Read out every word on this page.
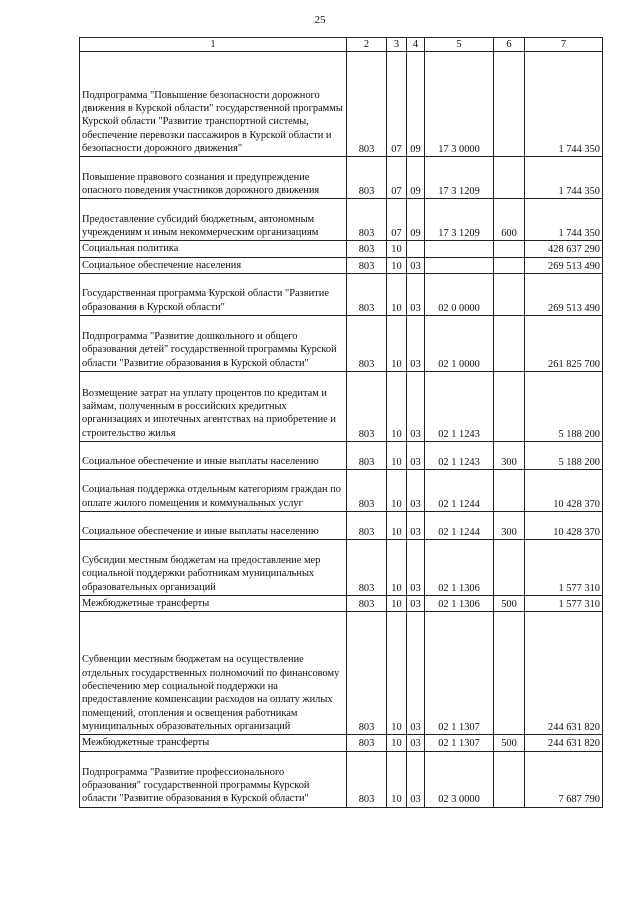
25
1	2	3	4	5	6	7
Подпрограмма "Повышение безопасности дорожного движения в Курской области" государственной программы Курской области "Развитие транспортной системы, обеспечение перевозки пассажиров в Курской области и безопасности дорожного движения"	803	07	09	17 3 0000		1 744 350
Повышение правового сознания и предупреждение опасного поведения участников дорожного движения	803	07	09	17 3 1209		1 744 350
Предоставление субсидий бюджетным, автономным учреждениям и иным некоммерческим организациям	803	07	09	17 3 1209	600	1 744 350
Социальная политика	803	10				428 637 290
Социальное обеспечение населения	803	10	03			269 513 490
Государственная программа Курской области "Развитие образования в Курской области"	803	10	03	02 0 0000		269 513 490
Подпрограмма "Развитие дошкольного и общего образования детей" государственной программы Курской области "Развитие образования в Курской области"	803	10	03	02 1 0000		261 825 700
Возмещение затрат на уплату процентов по кредитам и займам, полученным в российских кредитных организациях и ипотечных агентствах на приобретение и строительство жилья	803	10	03	02 1 1243		5 188 200
Социальное обеспечение и иные выплаты населению	803	10	03	02 1 1243	300	5 188 200
Социальная поддержка отдельным категориям граждан по оплате жилого помещения и коммунальных услуг	803	10	03	02 1 1244		10 428 370
Социальное обеспечение и иные выплаты населению	803	10	03	02 1 1244	300	10 428 370
Субсидии местным бюджетам на предоставление мер социальной поддержки работникам муниципальных образовательных организаций	803	10	03	02 1 1306		1 577 310
Межбюджетные трансферты	803	10	03	02 1 1306	500	1 577 310
Субвенции местным бюджетам на осуществление отдельных государственных полномочий по финансовому обеспечению мер социальной поддержки на предоставление компенсации расходов на оплату жилых помещений, отопления и освещения работникам муниципальных образовательных организаций	803	10	03	02 1 1307		244 631 820
Межбюджетные трансферты	803	10	03	02 1 1307	500	244 631 820
Подпрограмма "Развитие профессионального образования" государственной программы Курской области "Развитие образования в Курской области"	803	10	03	02 3 0000		7 687 790
